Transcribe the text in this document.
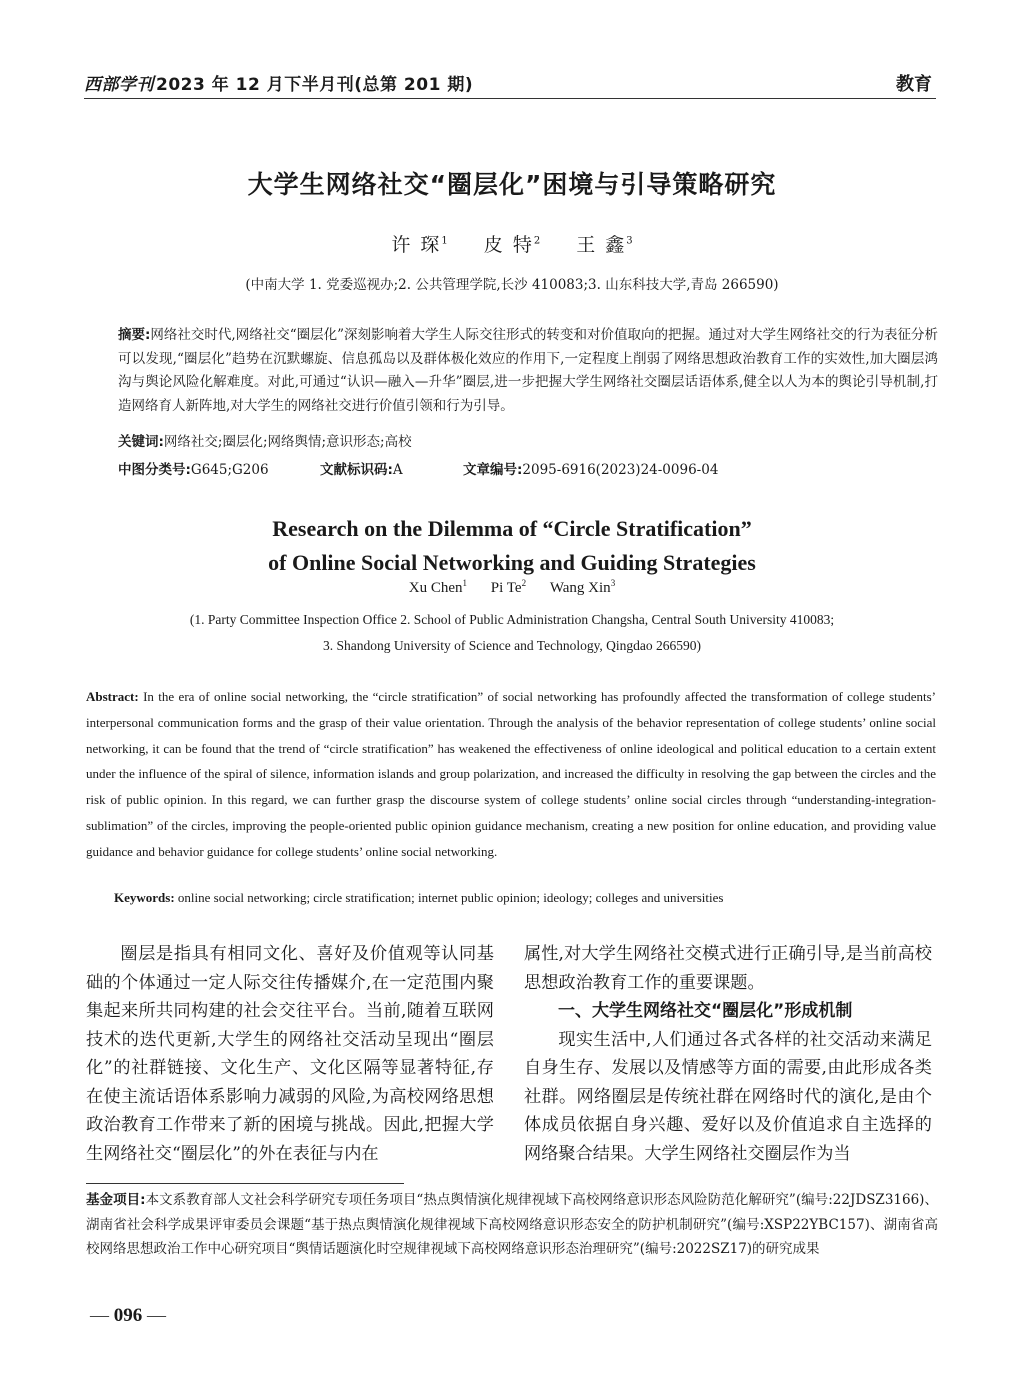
西部学刊 2023 年 12 月下半月刊(总第 201 期)	教育
大学生网络社交“圈层化”困境与引导策略研究
许 琛$^1$ 皮 特$^2$ 王 鑫$^3$
(中南大学 1. 党委巡视办;2. 公共管理学院,长沙 410083;3. 山东科技大学,青岛 266590)
摘要:网络社交时代,网络社交“圈层化”深刻影响着大学生人际交往形式的转变和对价值取向的把握。通过对大学生网络社交的行为表征分析可以发现,“圈层化”趋势在沉默螺旋、信息孤岛以及群体极化效应的作用下,一定程度上削弱了网络思想政治教育工作的实效性,加大圈层鸿沟与舆论风险化解难度。对此,可通过“认识—融入—升华”圈层,进一步把握大学生网络社交圈层话语体系,健全以人为本的舆论引导机制,打造网络育人新阵地,对大学生的网络社交进行价值引领和行为引导。
关键词:网络社交;圈层化;网络舆情;意识形态;高校
中图分类号:G645;G206	文献标识码:A	文章编号:2095-6916(2023)24-0096-04
Research on the Dilemma of “Circle Stratification”
of Online Social Networking and Guiding Strategies
Xu Chen$^1$ Pi Te$^2$ Wang Xin$^3$
(1. Party Committee Inspection Office 2. School of Public Administration Changsha, Central South University 410083;
3. Shandong University of Science and Technology, Qingdao 266590)
Abstract: In the era of online social networking, the “circle stratification” of social networking has profoundly affected the transformation of college students’ interpersonal communication forms and the grasp of their value orientation. Through the analysis of the behavior representation of college students’ online social networking, it can be found that the trend of “circle stratification” has weakened the effectiveness of online ideological and political education to a certain extent under the influence of the spiral of silence, information islands and group polarization, and increased the difficulty in resolving the gap between the circles and the risk of public opinion. In this regard, we can further grasp the discourse system of college students’ online social circles through “understanding-integration-sublimation” of the circles, improving the people-oriented public opinion guidance mechanism, creating a new position for online education, and providing value guidance and behavior guidance for college students’ online social networking.
Keywords: online social networking; circle stratification; internet public opinion; ideology; colleges and universities

圈层是指具有相同文化、喜好及价值观等认同基础的个体通过一定人际交往传播媒介,在一定范围内聚集起来所共同构建的社会交往平台。当前,随着互联网技术的迭代更新,大学生的网络社交活动呈现出“圈层化”的社群链接、文化生产、文化区隔等显著特征,存在使主流话语体系影响力减弱的风险,为高校网络思想政治教育工作带来了新的困境与挑战。因此,把握大学生网络社交“圈层化”的外在表征与内在

属性,对大学生网络社交模式进行正确引导,是当前高校思想政治教育工作的重要课题。

一、大学生网络社交“圈层化”形成机制

现实生活中,人们通过各式各样的社交活动来满足自身生存、发展以及情感等方面的需要,由此形成各类社群。网络圈层是传统社群在网络时代的演化,是由个体成员依据自身兴趣、爱好以及价值追求自主选择的网络聚合结果。大学生网络社交圈层作为当

基金项目:本文系教育部人文社会科学研究专项任务项目“热点舆情演化规律视域下高校网络意识形态风险防范化解研究”(编号:22JDSZ3166)、湖南省社会科学成果评审委员会课题“基于热点舆情演化规律视域下高校网络意识形态安全的防护机制研究”(编号:XSP22YBC157)、湖南省高校网络思想政治工作中心研究项目“舆情话题演化时空规律视域下高校网络意识形态治理研究”(编号:2022SZ17)的研究成果
— 096 —
